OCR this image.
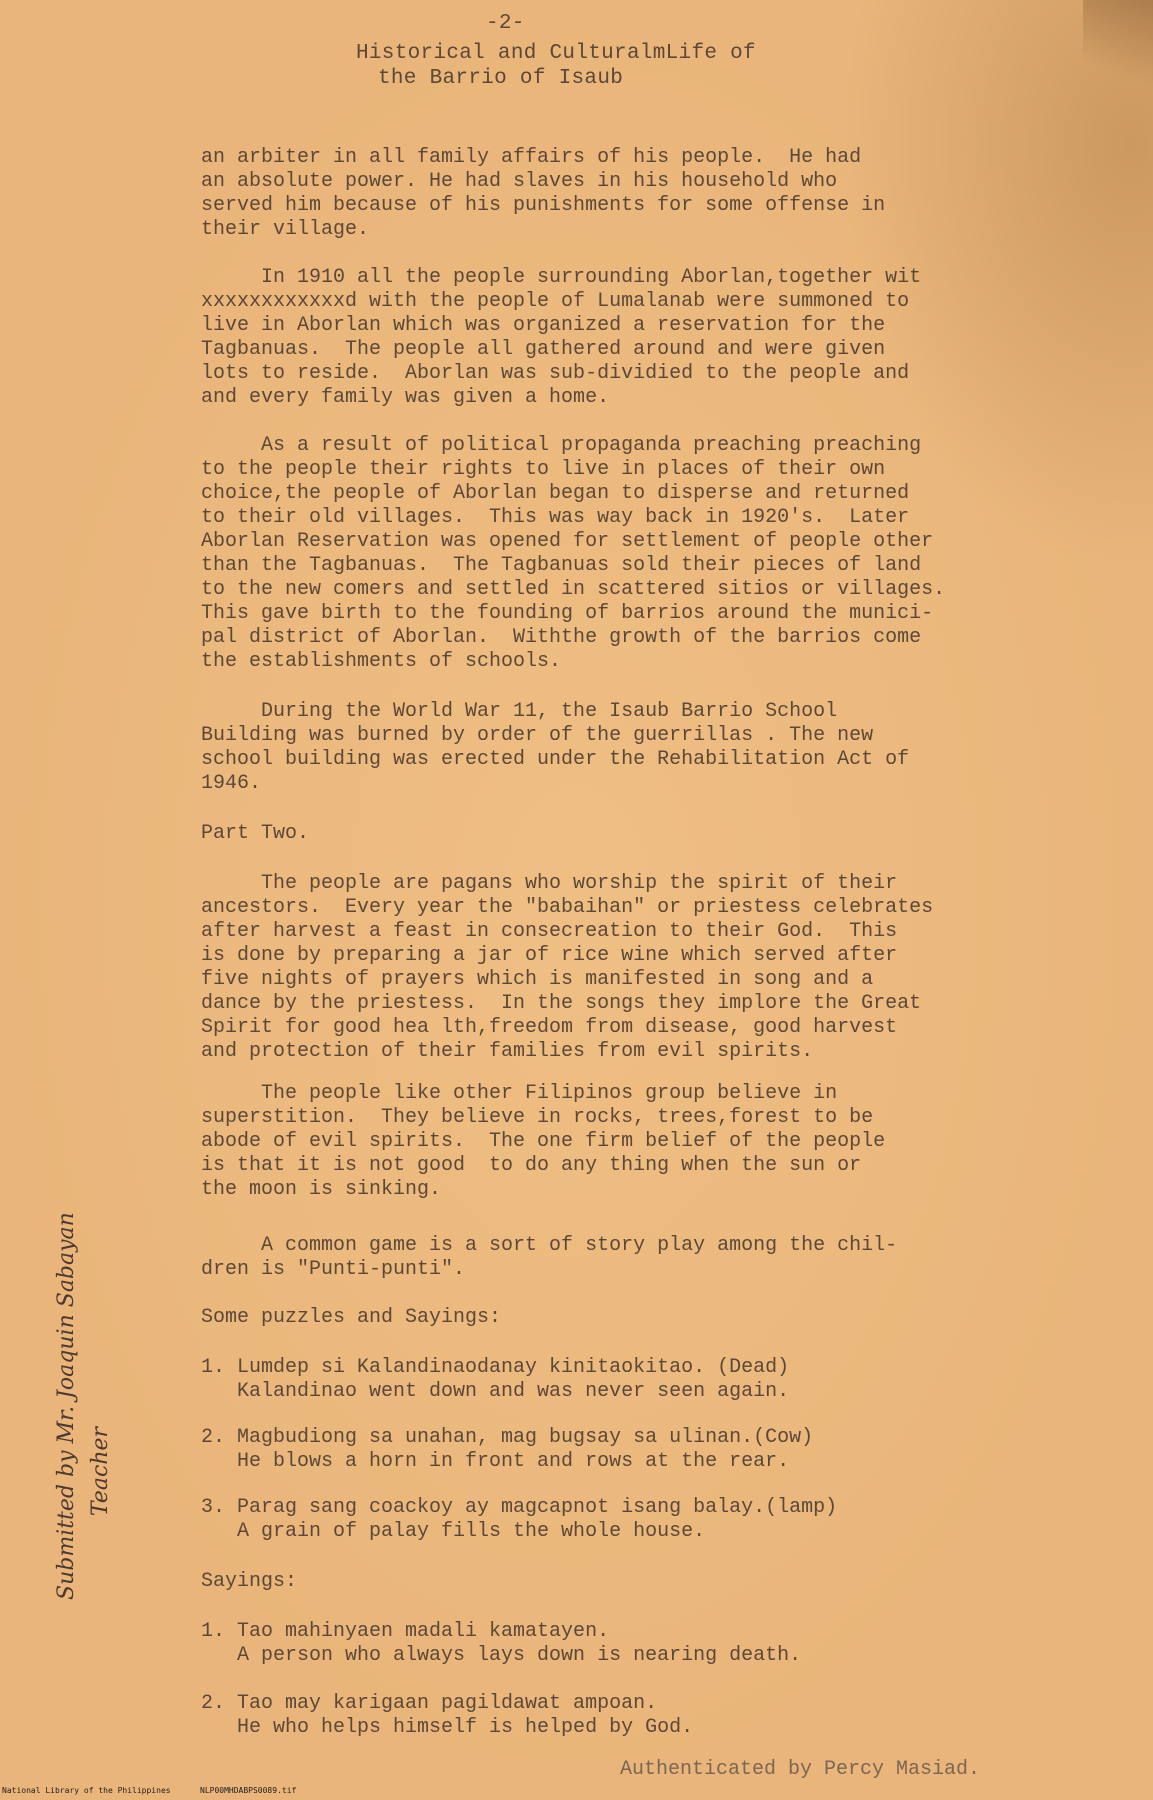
-2-
Historical and CulturalmLife of
the Barrio of Isaub
an arbiter in all family affairs of his people.  He had
an absolute power. He had slaves in his household who
served him because of his punishments for some offense in
their village.
In 1910 all the people surrounding Aborlan,together wit
xxxxxxxxxxxxd with the people of Lumalanab were summoned to
live in Aborlan which was organized a reservation for the
Tagbanuas.  The people all gathered around and were given
lots to reside.  Aborlan was sub-dividied to the people and
and every family was given a home.
As a result of political propaganda preaching preaching
to the people their rights to live in places of their own
choice,the people of Aborlan began to disperse and returned
to their old villages.  This was way back in 1920's.  Later
Aborlan Reservation was opened for settlement of people other
than the Tagbanuas.  The Tagbanuas sold their pieces of land
to the new comers and settled in scattered sitios or villages.
This gave birth to the founding of barrios around the munici-
pal district of Aborlan.  Withthe growth of the barrios come
the establishments of schools.
During the World War 11, the Isaub Barrio School
Building was burned by order of the guerrillas . The new
school building was erected under the Rehabilitation Act of
1946.
Part Two.
The people are pagans who worship the spirit of their
ancestors.  Every year the "babaihan" or priestess celebrates
after harvest a feast in consecreation to their God.  This
is done by preparing a jar of rice wine which served after
five nights of prayers which is manifested in song and a
dance by the priestess.  In the songs they implore the Great
Spirit for good hea lth,freedom from disease, good harvest
and protection of their families from evil spirits.
The people like other Filipinos group believe in
superstition.  They believe in rocks, trees,forest to be
abode of evil spirits.  The one firm belief of the people
is that it is not good  to do any thing when the sun or
the moon is sinking.
A common game is a sort of story play among the chil-
dren is "Punti-punti".
Some puzzles and Sayings:
1. Lumdep si Kalandinaodanay kinitaokitao. (Dead)
Kalandinao went down and was never seen again.
2. Magbudiong sa unahan, mag bugsay sa ulinan.(Cow)
He blows a horn in front and rows at the rear.
3. Parag sang coackoy ay magcapnot isang balay.(lamp)
A grain of palay fills the whole house.
Sayings:
1. Tao mahinyaen madali kamatayen.
A person who always lays down is nearing death.
2. Tao may karigaan pagildawat ampoan.
He who helps himself is helped by God.
Authenticated by Percy Masiad.
Submitted by Mr. Joaquin Sabayan
Teacher
National Library of the Philippines	NLP00MHDABPS0089.tif
